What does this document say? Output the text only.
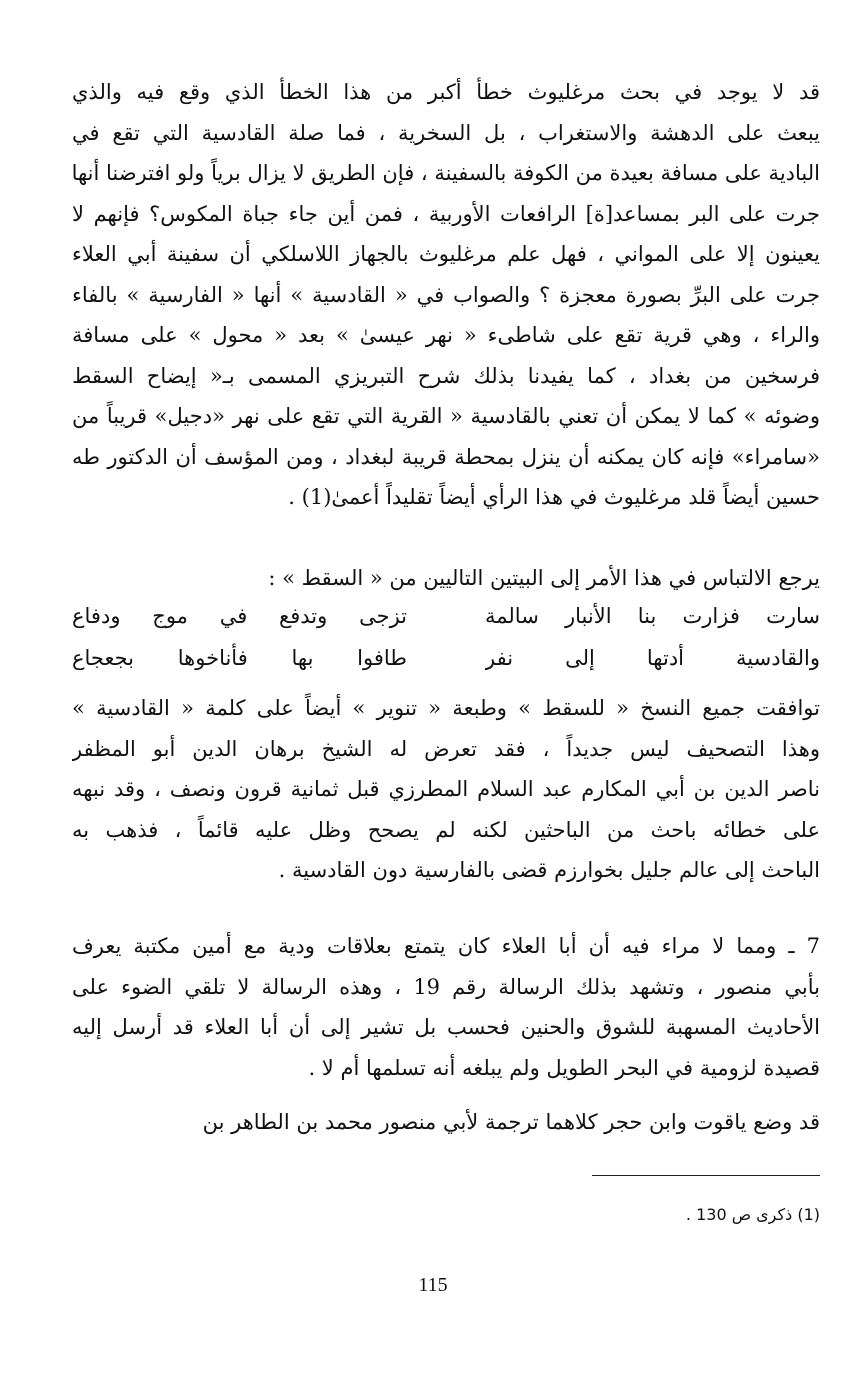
قد لا يوجد في بحث مرغليوث خطأ أكبر من هذا الخطأ الذي وقع فيه والذي
يبعث على الدهشة والاستغراب ، بل السخرية ، فما صلة القادسية التي تقع في
البادية على مسافة بعيدة من الكوفة بالسفينة ، فإن الطريق لا يزال برياً ولو افترضنا أنها
جرت على البر بمساعد[ة] الرافعات الأوربية ، فمن أين جاء جباة المكوس؟ فإنهم لا
يعينون إلا على المواني ، فهل علم مرغليوث بالجهاز اللاسلكي أن سفينة أبي العلاء
جرت على البرِّ بصورة معجزة ؟ والصواب في « القادسية » أنها « الفارسية » بالفاء
والراء ، وهي قرية تقع على شاطىء « نهر عيسىٰ » بعد « محول » على مسافة
فرسخين من بغداد ، كما يفيدنا بذلك شرح التبريزي المسمى بـ« إيضاح السقط
وضوئه » كما لا يمكن أن تعني بالقادسية « القرية التي تقع على نهر «دجيل» قريباً من
«سامراء» فإنه كان يمكنه أن ينزل بمحطة قريبة لبغداد ، ومن المؤسف أن الدكتور طه
حسين أيضاً قلد مرغليوث في هذا الرأي أيضاً تقليداً أعمىٰ(1) .
يرجع الالتباس في هذا الأمر إلى البيتين التاليين من « السقط » :
سارت فزارت بنا الأنبار سالمة
تزجى وتدفع في موج ودفاع
والقادسية أدتها إلى نفر
طافوا بها فأناخوها بجعجاع
توافقت جميع النسخ « للسقط » وطبعة « تنوير » أيضاً على كلمة « القادسية »
وهذا التصحيف ليس جديداً ، فقد تعرض له الشيخ برهان الدين أبو المظفر
ناصر الدين بن أبي المكارم عبد السلام المطرزي قبل ثمانية قرون ونصف ، وقد نبهه
على خطائه باحث من الباحثين لكنه لم يصحح وظل عليه قائماً ، فذهب به
الباحث إلى عالم جليل بخوارزم قضى بالفارسية دون القادسية .
7 ـ ومما لا مراء فيه أن أبا العلاء كان يتمتع بعلاقات ودية مع أمين مكتبة يعرف
بأبي منصور ، وتشهد بذلك الرسالة رقم 19 ، وهذه الرسالة لا تلقي الضوء على
الأحاديث المسهبة للشوق والحنين فحسب بل تشير إلى أن أبا العلاء قد أرسل إليه
قصيدة لزومية في البحر الطويل ولم يبلغه أنه تسلمها أم لا .
قد وضع ياقوت وابن حجر كلاهما ترجمة لأبي منصور محمد بن الطاهر بن
(1) ذكرى ص 130 .
115
